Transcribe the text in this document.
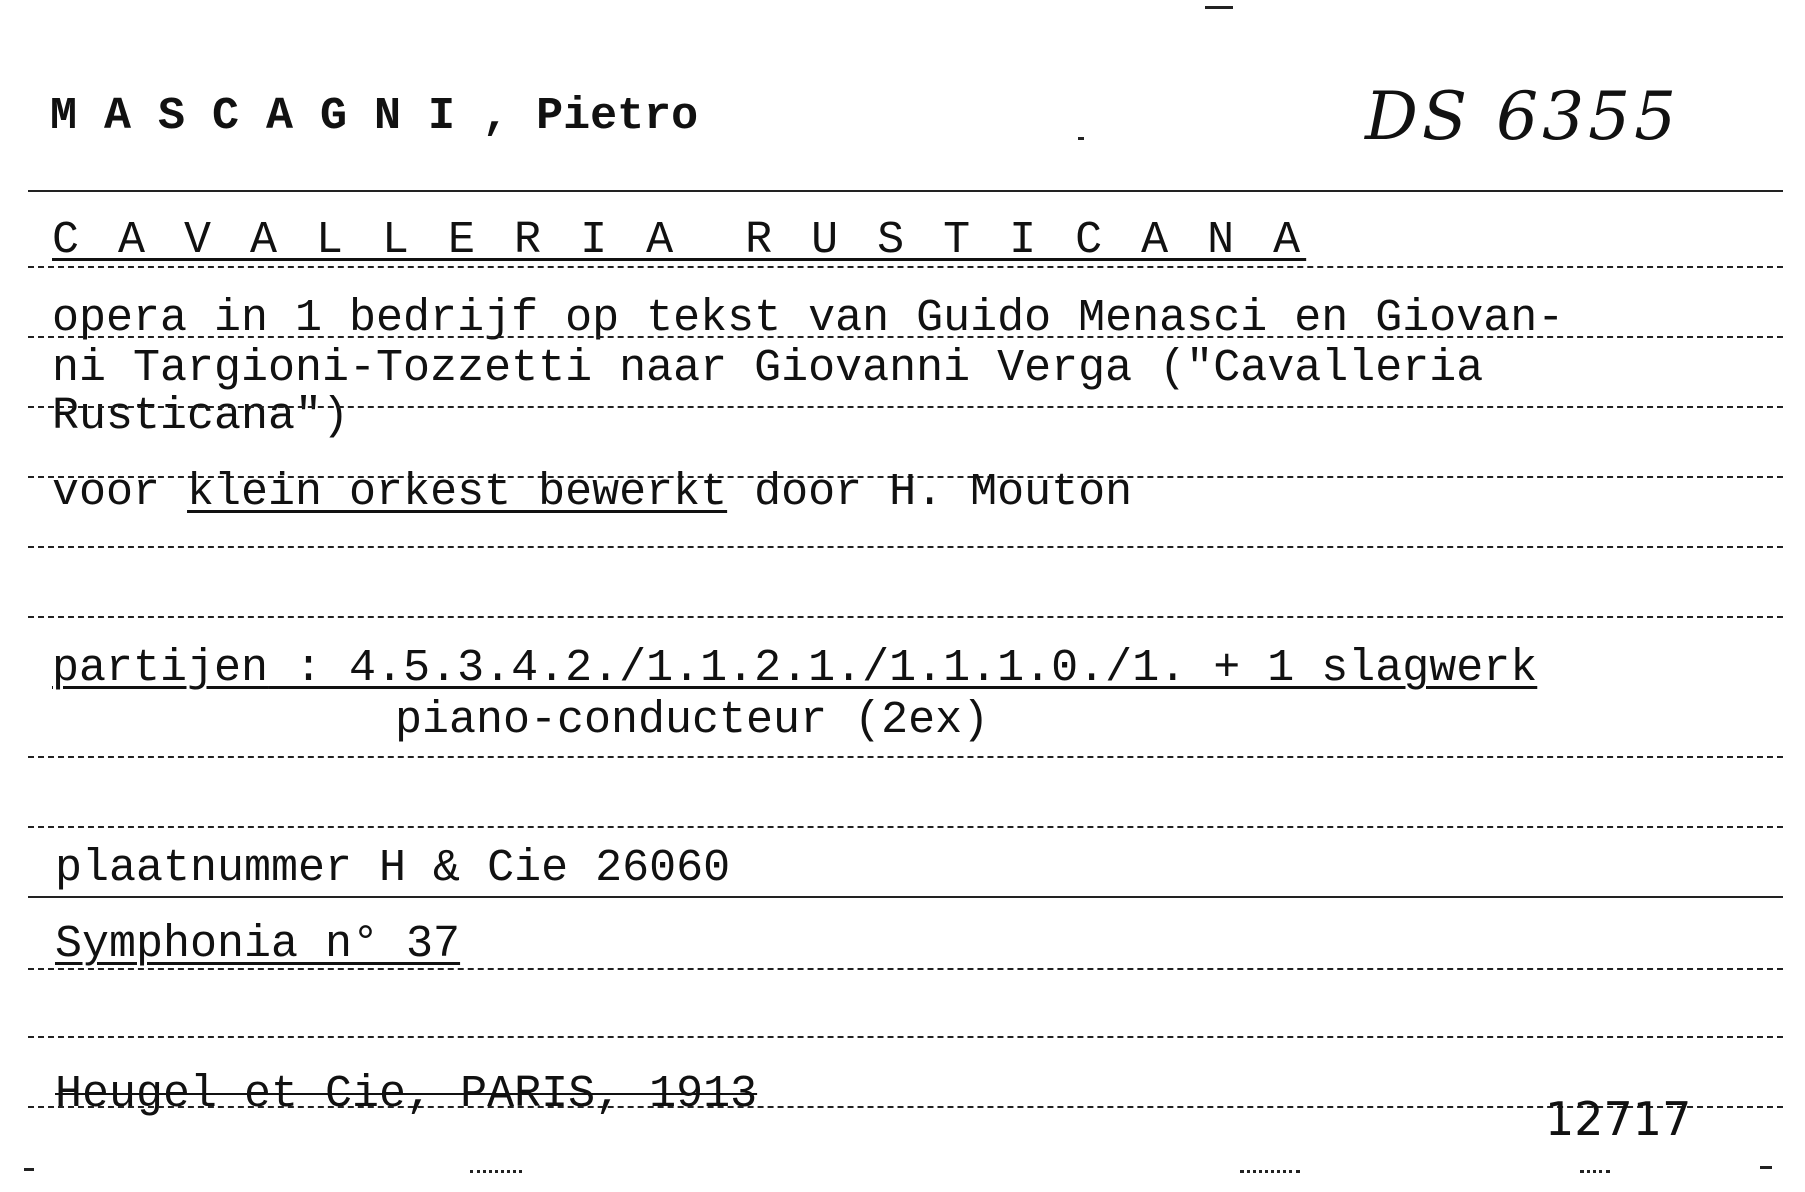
M A S C A G N I , Pietro	DS 6355
C A V A L L E R I A  R U S T I C A N A
opera in 1 bedrijf op tekst van Guido Menasci en Giovan-
ni Targioni-Tozzetti naar Giovanni Verga ("Cavalleria
Rusticana")
voor klein orkest bewerkt door H. Mouton
partijen : 4.5.3.4.2./1.1.2.1./1.1.1.0./1. + 1 slagwerk
piano-conducteur (2ex)
plaatnummer H & Cie 26060
Symphonia n° 37
Heugel et Cie, PARIS, 1913	12717
